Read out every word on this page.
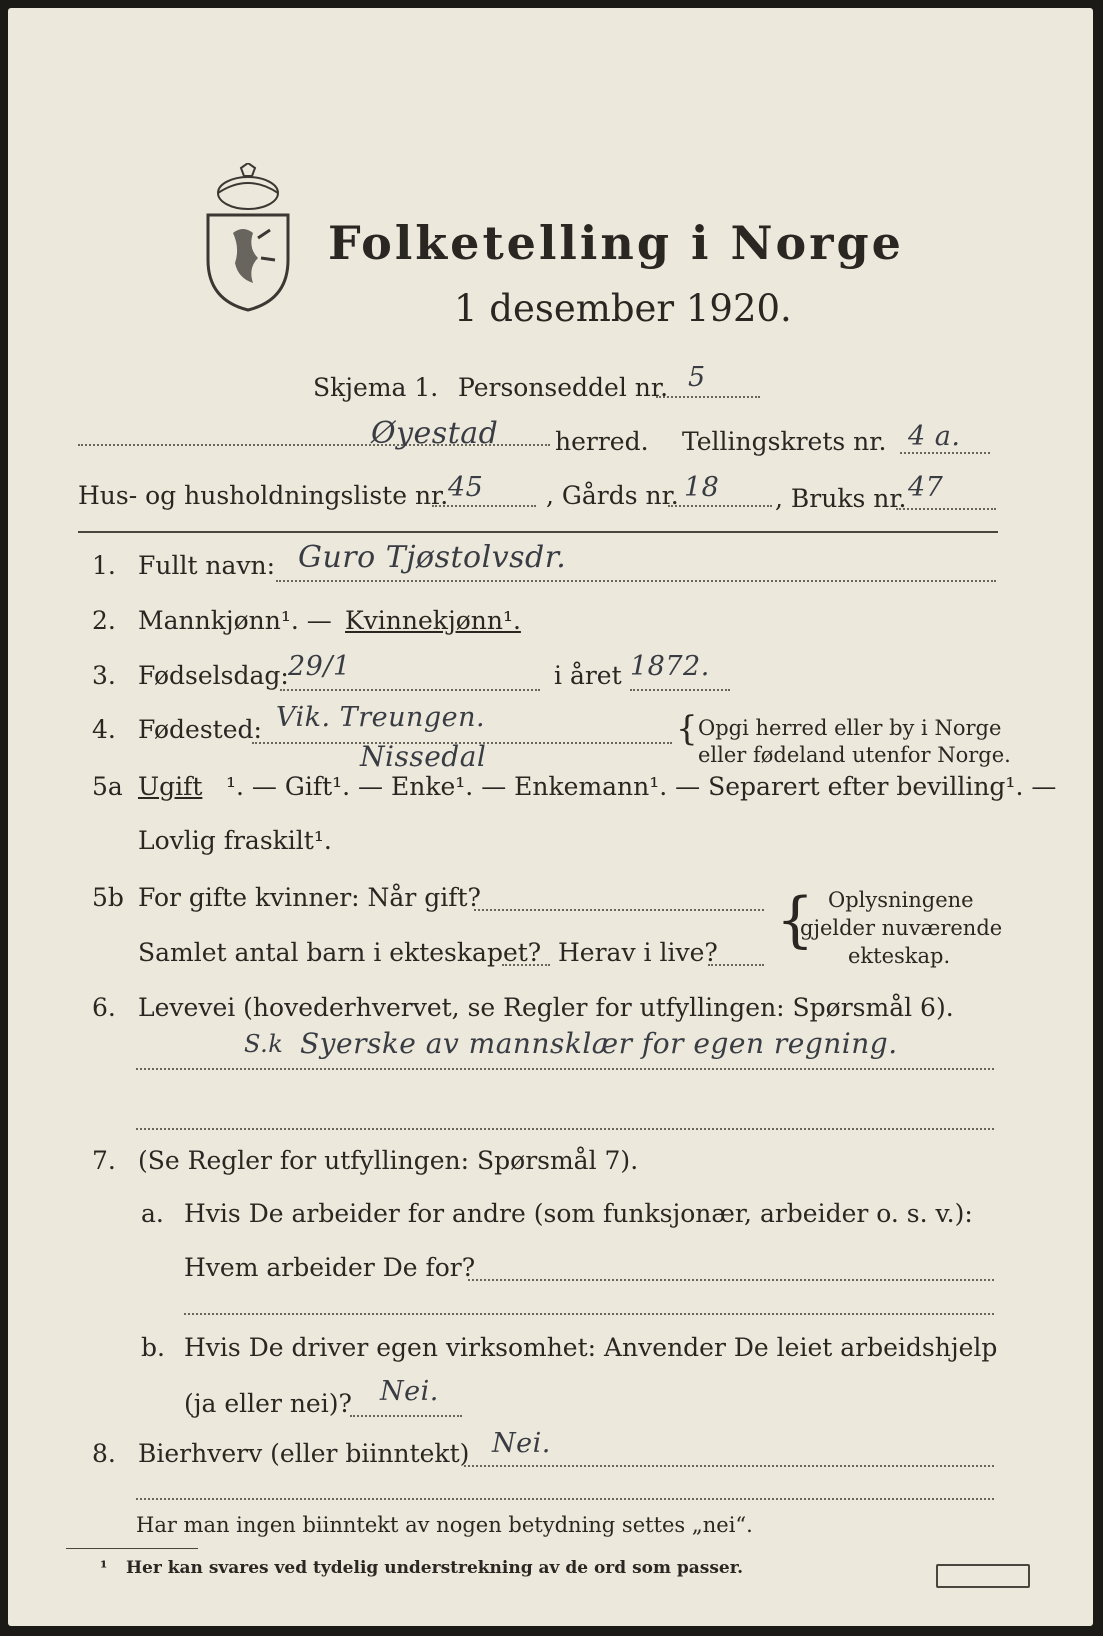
Folketelling i Norge
1 desember 1920.
Skjema 1. Personseddel nr. 5
Øyestad herred. Tellingskrets nr. 4 a.
Hus- og husholdningsliste nr. 45	, Gårds nr. 18 , Bruks nr. 47
1. Fullt navn: Guro Tjøstolvsdr.
2. Mannkjønn¹. — Kvinnekjønn¹.
3. Fødselsdag: 29/1	i året 1872.
4. Fødested: Vik. Treungen.
Nissedal
{ Opgi herred eller by i Norge
eller fødeland utenfor Norge.
5a Ugift ¹. — Gift¹. — Enke¹. — Enkemann¹. — Separert efter bevilling¹. —
Lovlig fraskilt¹.
5b For gifte kvinner: Når gift?
Samlet antal barn i ekteskapet? Herav i live? { Oplysningene
gjelder nuværende
ekteskap.
6. Levevei (hovederhvervet, se Regler for utfyllingen: Spørsmål 6).
S.k Syerske av mannsklær for egen regning.
7. (Se Regler for utfyllingen: Spørsmål 7).
a. Hvis De arbeider for andre (som funksjonær, arbeider o. s. v.):
Hvem arbeider De for?
b. Hvis De driver egen virksomhet: Anvender De leiet arbeidshjelp
(ja eller nei)? Nei.
8. Bierhverv (eller biinntekt) Nei.
Har man ingen biinntekt av nogen betydning settes „nei“.
¹ Her kan svares ved tydelig understrekning av de ord som passer.
